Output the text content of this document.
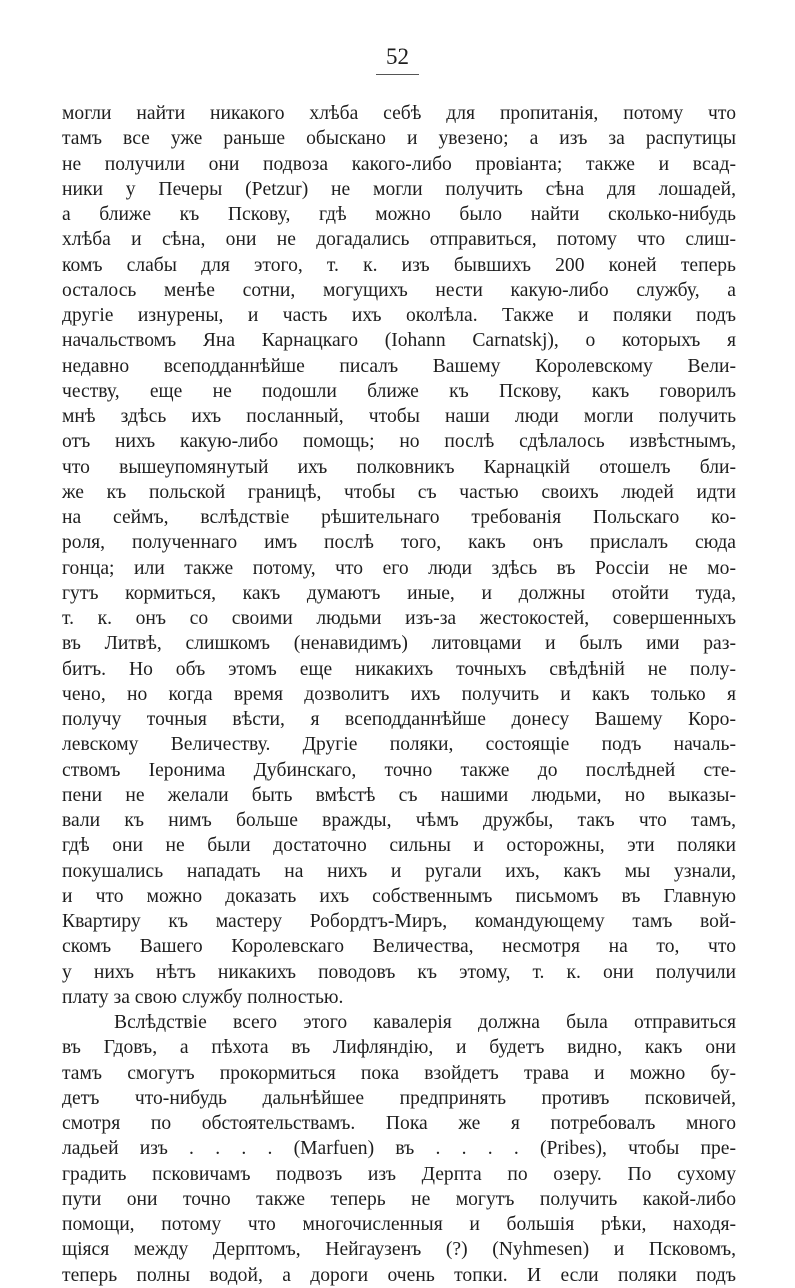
52
могли найти никакого хлѣба себѣ для пропитанія, потому что
тамъ все уже раньше обыскано и увезено; а изъ за распутицы
не получили они подвоза какого-либо провіанта; также и всад-
ники у Печеры (Petzur) не могли получить сѣна для лошадей,
а ближе къ Пскову, гдѣ можно было найти сколько-нибудь
хлѣба и сѣна, они не догадались отправиться, потому что слиш-
комъ слабы для этого, т. к. изъ бывшихъ 200 коней теперь
осталось менѣе сотни, могущихъ нести какую-либо службу, а
другіе изнурены, и часть ихъ околѣла. Также и поляки подъ
начальствомъ Яна Карнацкаго (Iohann Carnatskj), о которыхъ я
недавно всеподданнѣйше писалъ Вашему Королевскому Вели-
честву, еще не подошли ближе къ Пскову, какъ говорилъ
мнѣ здѣсь ихъ посланный, чтобы наши люди могли получить
отъ нихъ какую-либо помощь; но послѣ сдѣлалось извѣстнымъ,
что вышеупомянутый ихъ полковникъ Карнацкій отошелъ бли-
же къ польской границѣ, чтобы съ частью своихъ людей идти
на сеймъ, вслѣдствіе рѣшительнаго требованія Польскаго ко-
роля, полученнаго имъ послѣ того, какъ онъ прислалъ сюда
гонца; или также потому, что его люди здѣсь въ Россіи не мо-
гутъ кормиться, какъ думаютъ иные, и должны отойти туда,
т. к. онъ со своими людьми изъ-за жестокостей, совершенныхъ
въ Литвѣ, слишкомъ (ненавидимъ) литовцами и былъ ими раз-
битъ. Но объ этомъ еще никакихъ точныхъ свѣдѣній не полу-
чено, но когда время дозволитъ ихъ получить и какъ только я
получу точныя вѣсти, я всеподданнѣйше донесу Вашему Коро-
левскому Величеству. Другіе поляки, состоящіе подъ началь-
ствомъ Іеронима Дубинскаго, точно также до послѣдней сте-
пени не желали быть вмѣстѣ съ нашими людьми, но выказы-
вали къ нимъ больше вражды, чѣмъ дружбы, такъ что тамъ,
гдѣ они не были достаточно сильны и осторожны, эти поляки
покушались нападать на нихъ и ругали ихъ, какъ мы узнали,
и что можно доказать ихъ собственнымъ письмомъ въ Главную
Квартиру къ мастеру Робордтъ-Миръ, командующему тамъ вой-
скомъ Вашего Королевскаго Величества, несмотря на то, что
у нихъ нѣтъ никакихъ поводовъ къ этому, т. к. они получили
плату за свою службу полностью.
Вслѣдствіе всего этого кавалерія должна была отправиться
въ Гдовъ, а пѣхота въ Лифляндію, и будетъ видно, какъ они
тамъ смогутъ прокормиться пока взойдетъ трава и можно бу-
детъ что-нибудь дальнѣйшее предпринять противъ псковичей,
смотря по обстоятельствамъ. Пока же я потребовалъ много
ладьей изъ . . . . (Marfuen) въ . . . . (Pribes), чтобы пре-
градить псковичамъ подвозъ изъ Дерпта по озеру. По сухому
пути они точно также теперь не могутъ получить какой-либо
помощи, потому что многочисленныя и большія рѣки, находя-
щіяся между Дерптомъ, Нейгаузенъ (?) (Nyhmesen) и Псковомъ,
теперь полны водой, а дороги очень топки. И если поляки подъ
